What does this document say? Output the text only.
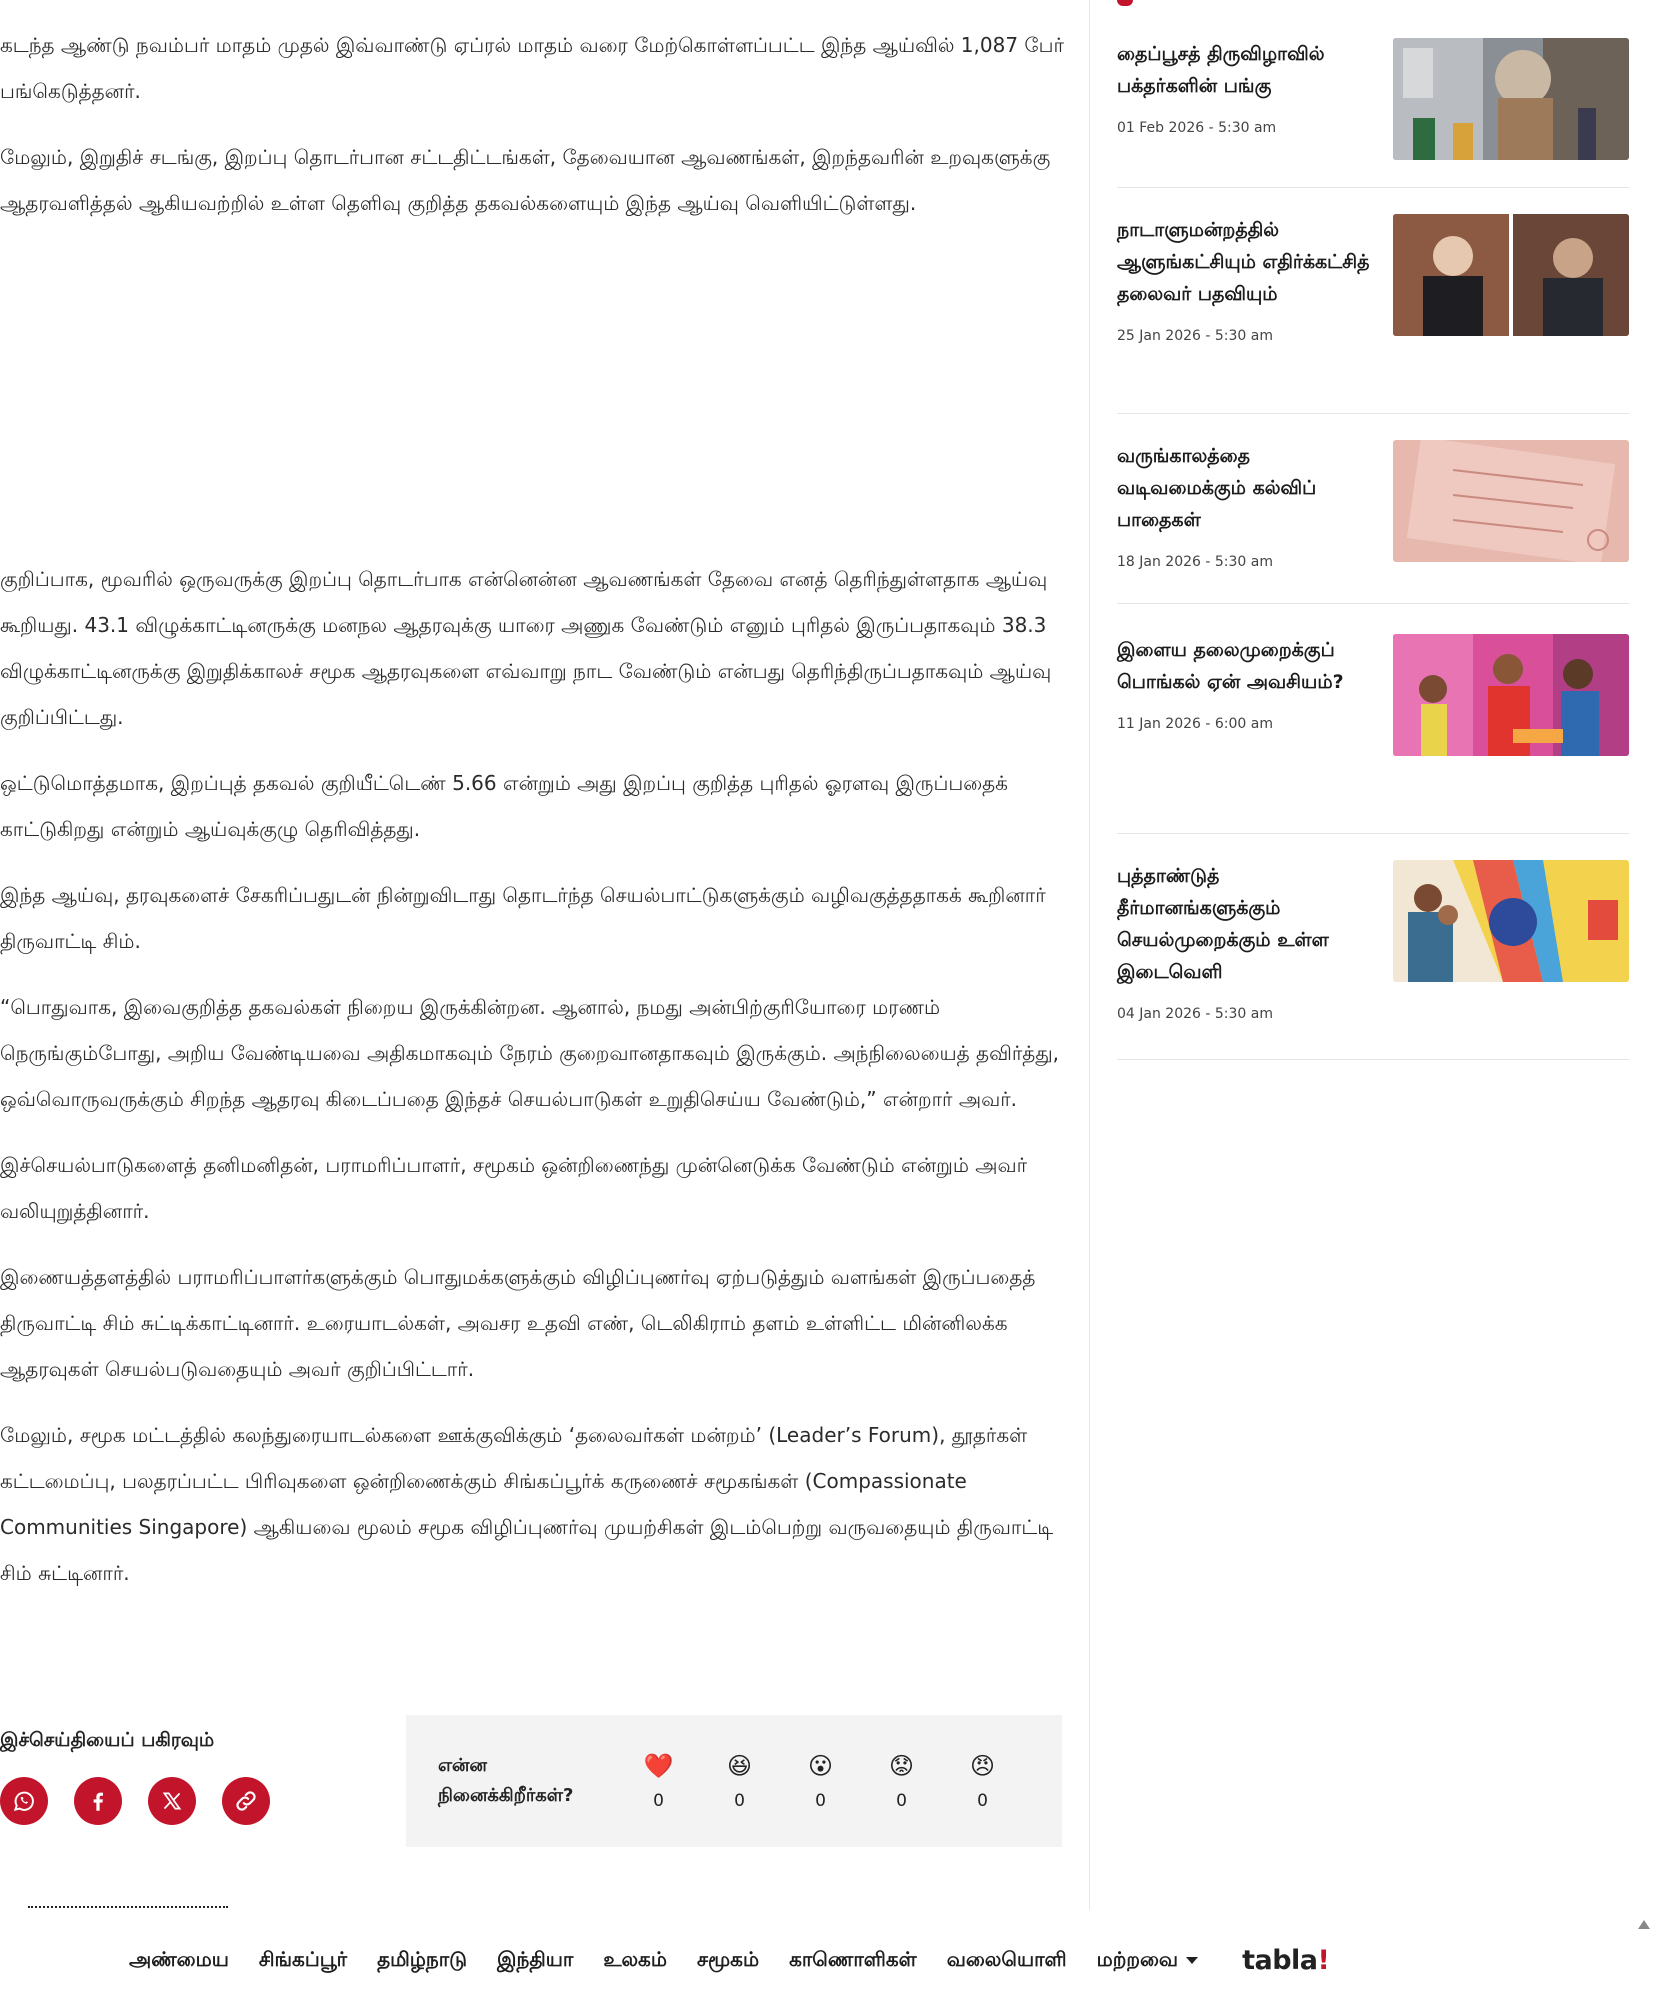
கடந்த ஆண்டு நவம்பர் மாதம் முதல் இவ்வாண்டு ஏப்ரல் மாதம் வரை மேற்கொள்ளப்பட்ட இந்த ஆய்வில் 1,087 பேர் பங்கெடுத்தனர்.

மேலும், இறுதிச் சடங்கு, இறப்பு தொடர்பான சட்டதிட்டங்கள், தேவையான ஆவணங்கள், இறந்தவரின் உறவுகளுக்கு ஆதரவளித்தல் ஆகியவற்றில் உள்ள தெளிவு குறித்த தகவல்களையும் இந்த ஆய்வு வெளியிட்டுள்ளது.

குறிப்பாக, மூவரில் ஒருவருக்கு இறப்பு தொடர்பாக என்னென்ன ஆவணங்கள் தேவை எனத் தெரிந்துள்ளதாக ஆய்வு கூறியது. 43.1 விழுக்காட்டினருக்கு மனநல ஆதரவுக்கு யாரை அணுக வேண்டும் எனும் புரிதல் இருப்பதாகவும் 38.3 விழுக்காட்டினருக்கு இறுதிக்காலச் சமூக ஆதரவுகளை எவ்வாறு நாட வேண்டும் என்பது தெரிந்திருப்பதாகவும் ஆய்வு குறிப்பிட்டது.

ஒட்டுமொத்தமாக, இறப்புத் தகவல் குறியீட்டெண் 5.66 என்றும் அது இறப்பு குறித்த புரிதல் ஓரளவு இருப்பதைக் காட்டுகிறது என்றும் ஆய்வுக்குழு தெரிவித்தது.

இந்த ஆய்வு, தரவுகளைச் சேகரிப்பதுடன் நின்றுவிடாது தொடர்ந்த செயல்பாட்டுகளுக்கும் வழிவகுத்ததாகக் கூறினார் திருவாட்டி சிம்.

“பொதுவாக, இவைகுறித்த தகவல்கள் நிறைய இருக்கின்றன. ஆனால், நமது அன்பிற்குரியோரை மரணம் நெருங்கும்போது, அறிய வேண்டியவை அதிகமாகவும் நேரம் குறைவானதாகவும் இருக்கும். அந்நிலையைத் தவிர்த்து, ஒவ்வொருவருக்கும் சிறந்த ஆதரவு கிடைப்பதை இந்தச் செயல்பாடுகள் உறுதிசெய்ய வேண்டும்,” என்றார் அவர்.

இச்செயல்பாடுகளைத் தனிமனிதன், பராமரிப்பாளர், சமூகம் ஒன்றிணைந்து முன்னெடுக்க வேண்டும் என்றும் அவர் வலியுறுத்தினார்.

இணையத்தளத்தில் பராமரிப்பாளர்களுக்கும் பொதுமக்களுக்கும் விழிப்புணர்வு ஏற்படுத்தும் வளங்கள் இருப்பதைத் திருவாட்டி சிம் சுட்டிக்காட்டினார். உரையாடல்கள், அவசர உதவி எண், டெலிகிராம் தளம் உள்ளிட்ட மின்னிலக்க ஆதரவுகள் செயல்படுவதையும் அவர் குறிப்பிட்டார்.

மேலும், சமூக மட்டத்தில் கலந்துரையாடல்களை ஊக்குவிக்கும் ‘தலைவர்கள் மன்றம்’ (Leader’s Forum), தூதர்கள் கட்டமைப்பு, பலதரப்பட்ட பிரிவுகளை ஒன்றிணைக்கும் சிங்கப்பூர்க் கருணைச் சமூகங்கள் (Compassionate Communities Singapore) ஆகியவை மூலம் சமூக விழிப்புணர்வு முயற்சிகள் இடம்பெற்று வருவதையும் திருவாட்டி சிம் சுட்டினார்.

இச்செய்தியைப் பகிரவும்
என்ன நினைக்கிறீர்கள்?
❤️
0
😆
0
😮
0
😟
0
😠
0
தைப்பூசத் திருவிழாவில் பக்தர்களின் பங்கு
01 Feb 2026 - 5:30 am
நாடாளுமன்றத்தில் ஆளுங்கட்சியும் எதிர்க்கட்சித் தலைவர் பதவியும்
25 Jan 2026 - 5:30 am
வருங்காலத்தை வடிவமைக்கும் கல்விப் பாதைகள்
18 Jan 2026 - 5:30 am
இளைய தலைமுறைக்குப் பொங்கல் ஏன் அவசியம்?
11 Jan 2026 - 6:00 am
புத்தாண்டுத் தீர்மானங்களுக்கும் செயல்முறைக்கும் உள்ள இடைவெளி
04 Jan 2026 - 5:30 am
அண்மைய சிங்கப்பூர் தமிழ்நாடு இந்தியா உலகம் சமூகம் காணொளிகள் வலையொளி மற்றவை tabla!
